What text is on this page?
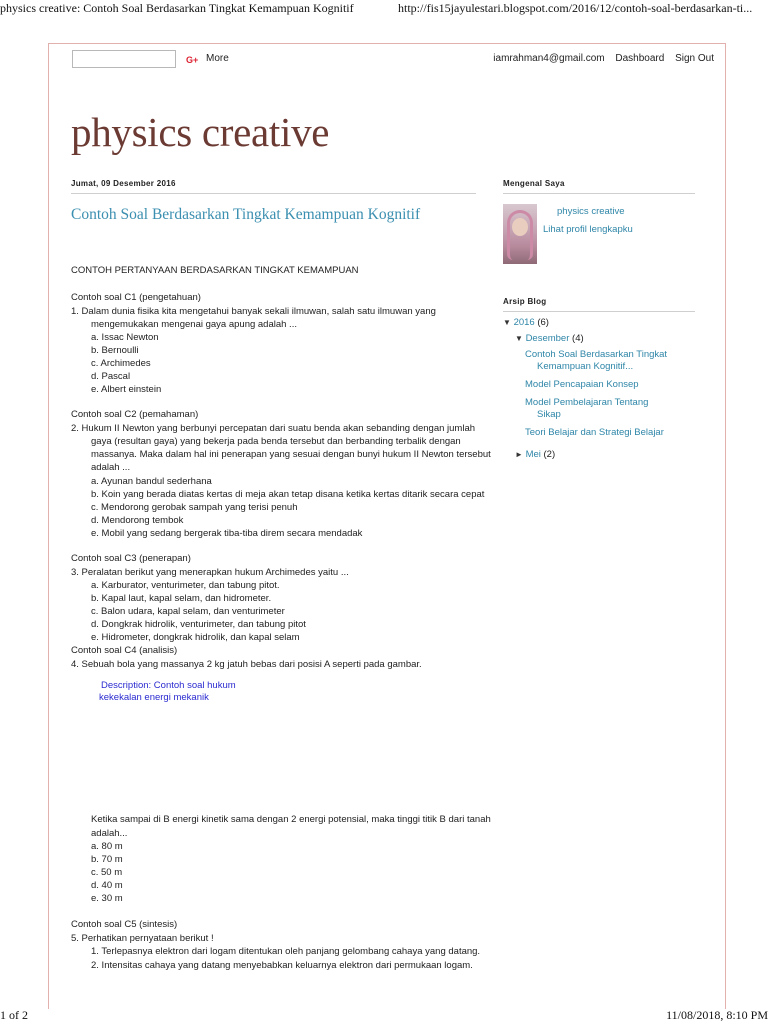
physics creative: Contoh Soal Berdasarkan Tingkat Kemampuan Kognitif	http://fis15jayulestari.blogspot.com/2016/12/contoh-soal-berdasarkan-ti...
G+ More	iamrahman4@gmail.com Dashboard Sign Out
physics creative
Jumat, 09 Desember 2016
Contoh Soal Berdasarkan Tingkat Kemampuan Kognitif
CONTOH PERTANYAAN BERDASARKAN TINGKAT KEMAMPUAN
Contoh soal C1 (pengetahuan)
1. Dalam dunia fisika kita mengetahui banyak sekali ilmuwan, salah satu ilmuwan yang
mengemukakan mengenai gaya apung adalah ...
a. Issac Newton
b. Bernoulli
c. Archimedes
d. Pascal
e. Albert einstein
Contoh soal C2 (pemahaman)
2. Hukum II Newton yang berbunyi percepatan dari suatu benda akan sebanding dengan jumlah
gaya (resultan gaya) yang bekerja pada benda tersebut dan berbanding terbalik dengan
massanya. Maka dalam hal ini penerapan yang sesuai dengan bunyi hukum II Newton tersebut
adalah ...
a. Ayunan bandul sederhana
b. Koin yang berada diatas kertas di meja akan tetap disana ketika kertas ditarik secara cepat
c. Mendorong gerobak sampah yang terisi penuh
d. Mendorong tembok
e. Mobil yang sedang bergerak tiba-tiba direm secara mendadak
Contoh soal C3 (penerapan)
3. Peralatan berikut yang menerapkan hukum Archimedes yaitu ...
a. Karburator, venturimeter, dan tabung pitot.
b. Kapal laut, kapal selam, dan hidrometer.
c. Balon udara, kapal selam, dan venturimeter
d. Dongkrak hidrolik, venturimeter, dan tabung pitot
e. Hidrometer, dongkrak hidrolik, dan kapal selam
Contoh soal C4 (analisis)
4. Sebuah bola yang massanya 2 kg jatuh bebas dari posisi A seperti pada gambar.
Description: Contoh soal hukum
kekekalan energi mekanik
Ketika sampai di B energi kinetik sama dengan 2 energi potensial, maka tinggi titik B dari tanah
adalah...
a. 80 m
b. 70 m
c. 50 m
d. 40 m
e. 30 m
Contoh soal C5 (sintesis)
5. Perhatikan pernyataan berikut !
1. Terlepasnya elektron dari logam ditentukan oleh panjang gelombang cahaya yang datang.
2. Intensitas cahaya yang datang menyebabkan keluarnya elektron dari permukaan logam.
Mengenal Saya
physics creative
Lihat profil lengkapku
Arsip Blog
▼ 2016 (6)
▼ Desember (4)
Contoh Soal Berdasarkan Tingkat
Kemampuan Kognitif...
Model Pencapaian Konsep
Model Pembelajaran Tentang
Sikap
Teori Belajar dan Strategi Belajar
► Mei (2)
1 of 2	11/08/2018, 8:10 PM
